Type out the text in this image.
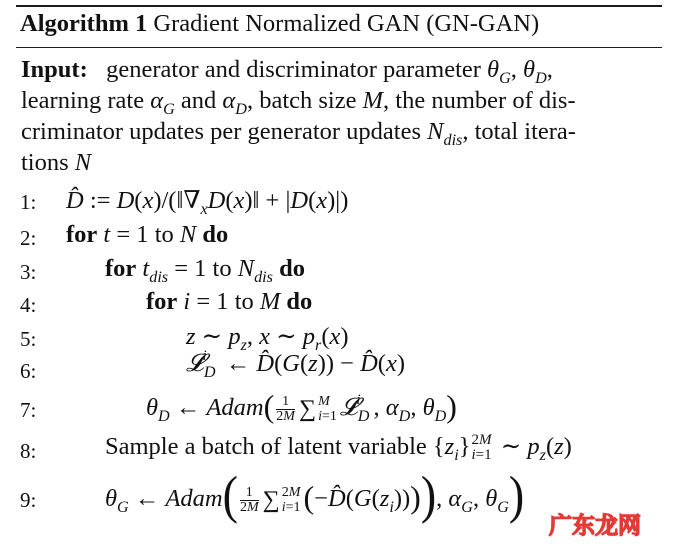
Algorithm 1 Gradient Normalized GAN (GN-GAN)
Input: generator and discriminator parameter $\theta_G$, $\theta_D$,
learning rate $\alpha_G$ and $\alpha_D$, batch size M, the number of dis-
criminator updates per generator updates $N_{dis}$, total itera-
tions N
1:	D̂ := $D(x)/(‖\nabla_xD(x)‖ + |D(x)|)$
2:	for t = 1 to N do
3:	for $t_{dis} = 1$ to $N_{dis}$ do
4:	for i = 1 to M do
5:	z ∼ $p_z$, x ∼ $p_r(x)$
6:	𝓛$_D^i$ ← D̂(G(z)) − D̂(x)
7:	$\theta_D$ ← Adam( $\frac{1}{2M}$ ∑ M
i=1 𝓛$_D^i$ , $\alpha_D$, $\theta_D$)
8:	Sample a batch of latent variable $\{z_i\}$ 2M
i=1 ∼ $p_z(z)$
9:	$\theta_G$ ← Adam( $\frac{1}{2M}$ ∑ 2M
i=1 $(-D̂(G(z_i)))$), $\alpha_G$, $\theta_G$)
广东龙网
